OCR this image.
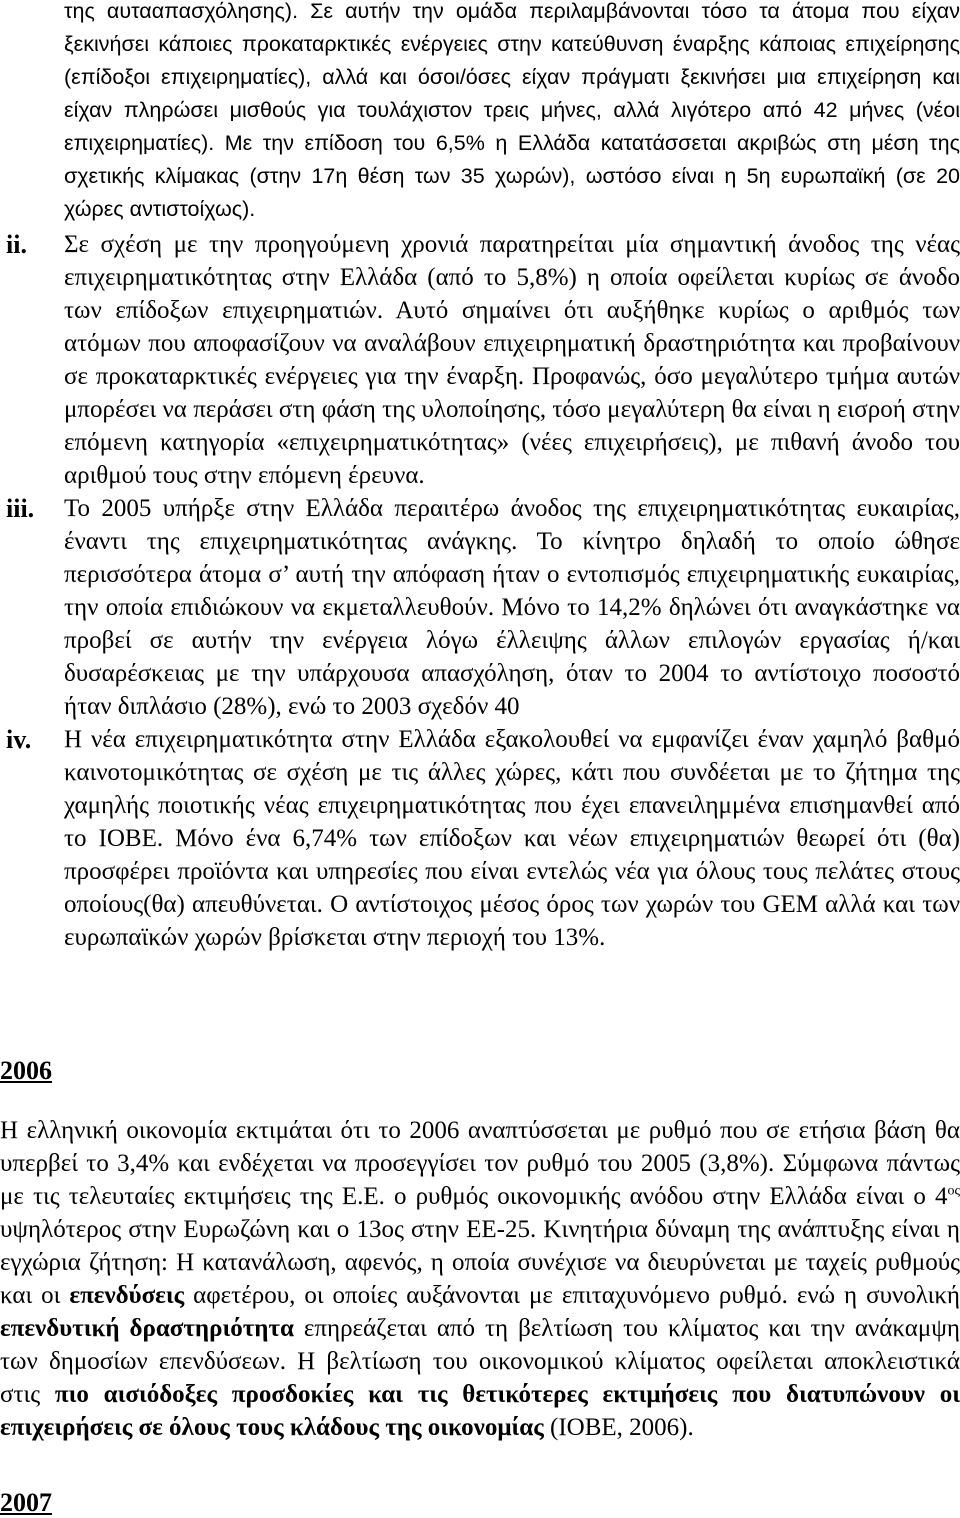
της αυτααπασχόλησης). Σε αυτήν την ομάδα περιλαμβάνονται τόσο τα άτομα που είχαν ξεκινήσει κάποιες προκαταρκτικές ενέργειες στην κατεύθυνση έναρξης κάποιας επιχείρησης (επίδοξοι επιχειρηματίες), αλλά και όσοι/όσες είχαν πράγματι ξεκινήσει μια επιχείρηση και είχαν πληρώσει μισθούς για τουλάχιστον τρεις μήνες, αλλά λιγότερο από 42 μήνες (νέοι επιχειρηματίες). Με την επίδοση του 6,5% η Ελλάδα κατατάσσεται ακριβώς στη μέση της σχετικής κλίμακας (στην 17η θέση των 35 χωρών), ωστόσο είναι η 5η ευρωπαϊκή (σε 20 χώρες αντιστοίχως).

ii. Σε σχέση με την προηγούμενη χρονιά παρατηρείται μία σημαντική άνοδος της νέας επιχειρηματικότητας στην Ελλάδα (από το 5,8%) η οποία οφείλεται κυρίως σε άνοδο των επίδοξων επιχειρηματιών. Αυτό σημαίνει ότι αυξήθηκε κυρίως ο αριθμός των ατόμων που αποφασίζουν να αναλάβουν επιχειρηματική δραστηριότητα και προβαίνουν σε προκαταρκτικές ενέργειες για την έναρξη. Προφανώς, όσο μεγαλύτερο τμήμα αυτών μπορέσει να περάσει στη φάση της υλοποίησης, τόσο μεγαλύτερη θα είναι η εισροή στην επόμενη κατηγορία «επιχειρηματικότητας» (νέες επιχειρήσεις), με πιθανή άνοδο του αριθμού τους στην επόμενη έρευνα.

iii. Το 2005 υπήρξε στην Ελλάδα περαιτέρω άνοδος της επιχειρηματικότητας ευκαιρίας, έναντι της επιχειρηματικότητας ανάγκης. Το κίνητρο δηλαδή το οποίο ώθησε περισσότερα άτομα σ’ αυτή την απόφαση ήταν ο εντοπισμός επιχειρηματικής ευκαιρίας, την οποία επιδιώκουν να εκμεταλλευθούν. Μόνο το 14,2% δηλώνει ότι αναγκάστηκε να προβεί σε αυτήν την ενέργεια λόγω έλλειψης άλλων επιλογών εργασίας ή/και δυσαρέσκειας με την υπάρχουσα απασχόληση, όταν το 2004 το αντίστοιχο ποσοστό ήταν διπλάσιο (28%), ενώ το 2003 σχεδόν 40

iv. Η νέα επιχειρηματικότητα στην Ελλάδα εξακολουθεί να εμφανίζει έναν χαμηλό βαθμό καινοτομικότητας σε σχέση με τις άλλες χώρες, κάτι που συνδέεται με το ζήτημα της χαμηλής ποιοτικής νέας επιχειρηματικότητας που έχει επανειλημμένα επισημανθεί από το ΙΟΒΕ. Μόνο ένα 6,74% των επίδοξων και νέων επιχειρηματιών θεωρεί ότι (θα) προσφέρει προϊόντα και υπηρεσίες που είναι εντελώς νέα για όλους τους πελάτες στους οποίους(θα) απευθύνεται. Ο αντίστοιχος μέσος όρος των χωρών του GEM αλλά και των ευρωπαϊκών χωρών βρίσκεται στην περιοχή του 13%.

2006

Η ελληνική οικονομία εκτιμάται ότι το 2006 αναπτύσσεται με ρυθμό που σε ετήσια βάση θα υπερβεί το 3,4% και ενδέχεται να προσεγγίσει τον ρυθμό του 2005 (3,8%). Σύμφωνα πάντως με τις τελευταίες εκτιμήσεις της Ε.Ε. ο ρυθμός οικονομικής ανόδου στην Ελλάδα είναι ο $4^{o\varsigma}$ υψηλότερος στην Ευρωζώνη και ο 13ος στην ΕΕ-25. Κινητήρια δύναμη της ανάπτυξης είναι η εγχώρια ζήτηση: Η κατανάλωση, αφενός, η οποία συνέχισε να διευρύνεται με ταχείς ρυθμούς και οι επενδύσεις αφετέρου, οι οποίες αυξάνονται με επιταχυνόμενο ρυθμό. ενώ η συνολική επενδυτική δραστηριότητα επηρεάζεται από τη βελτίωση του κλίματος και την ανάκαμψη των δημοσίων επενδύσεων. Η βελτίωση του οικονομικού κλίματος οφείλεται αποκλειστικά στις πιο αισιόδοξες προσδοκίες και τις θετικότερες εκτιμήσεις που διατυπώνουν οι επιχειρήσεις σε όλους τους κλάδους της οικονομίας (ΙΟΒΕ, 2006).

2007
